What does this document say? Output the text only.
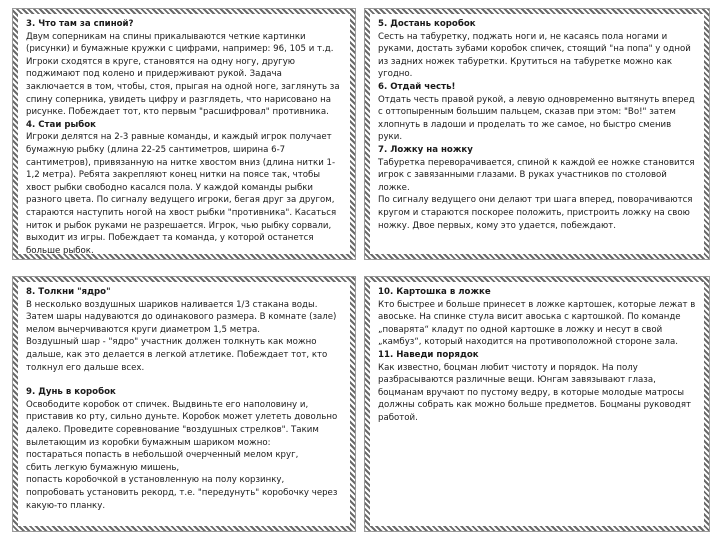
3. Что там за спиной?

Двум соперникам на спины прикалываются четкие картинки (рисунки) и бумажные кружки с цифрами, например: 96, 105 и т.д. Игроки сходятся в круге, становятся на одну ногу, другую поджимают под колено и придерживают рукой. Задача заключается в том, чтобы, стоя, прыгая на одной ноге, заглянуть за спину соперника, увидеть цифру и разглядеть, что нарисовано на рисунке. Побеждает тот, кто первым "расшифровал" противника.

4. Стаи рыбок

Игроки делятся на 2-3 равные команды, и каждый игрок получает бумажную рыбку (длина 22-25 сантиметров, ширина 6-7 сантиметров), привязанную на нитке хвостом вниз (длина нитки 1-1,2 метра). Ребята закрепляют конец нитки на поясе так, чтобы хвост рыбки свободно касался пола. У каждой команды рыбки разного цвета. По сигналу ведущего игроки, бегая друг за другом, стараются наступить ногой на хвост рыбки "противника". Касаться ниток и рыбок руками не разрешается. Игрок, чью рыбку сорвали, выходит из игры. Побеждает та команда, у которой останется больше рыбок.

5. Достань коробок

Сесть на табуретку, поджать ноги и, не касаясь пола ногами и руками, достать зубами коробок спичек, стоящий "на попа" у одной из задних ножек табуретки. Крутиться на табуретке можно как угодно.

6. Отдай честь!

Отдать честь правой рукой, а левую одновременно вытянуть вперед с оттопыренным большим пальцем, сказав при этом: "Во!" затем хлопнуть в ладоши и проделать то же самое, но быстро сменив руки.

7. Ложку на ножку

Табуретка переворачивается, спиной к каждой ее ножке становится игрок с завязанными глазами. В руках участников по столовой ложке.

По сигналу ведущего они делают три шага вперед, поворачиваются кругом и стараются поскорее положить, пристроить ложку на свою ножку. Двое первых, кому это удается, побеждают.

8. Толкни "ядро"

В несколько воздушных шариков наливается 1/3 стакана воды. Затем шары надуваются до одинакового размера. В комнате (зале) мелом вычерчиваются круги диаметром 1,5 метра.

Воздушный шар - "ядро" участник должен толкнуть как можно дальше, как это делается в легкой атлетике. Побеждает тот, кто толкнул его дальше всех.

9. Дунь в коробок

Освободите коробок от спичек. Выдвиньте его наполовину и, приставив ко рту, сильно дуньте. Коробок может улететь довольно далеко. Проведите соревнование "воздушных стрелков". Таким вылетающим из коробки бумажным шариком можно:

постараться попасть в небольшой очерченный мелом круг,

сбить легкую бумажную мишень,

попасть коробочкой в установленную на полу корзинку,

попробовать установить рекорд, т.е. "передунуть" коробочку через какую-то планку.

10. Картошка в ложке

Кто быстрее и больше принесет в ложке картошек, которые лежат в авоське. На спинке стула висит авоська с картошкой. По команде „поварята“ кладут по одной картошке в ложку и несут в свой „камбуз“, который находится на противоположной стороне зала.

11. Наведи порядок

Как известно, боцман любит чистоту и порядок. На полу разбрасываются различные вещи. Юнгам завязывают глаза, боцманам вручают по пустому ведру, в которые молодые матросы должны собрать как можно больше предметов. Боцманы руководят работой.
